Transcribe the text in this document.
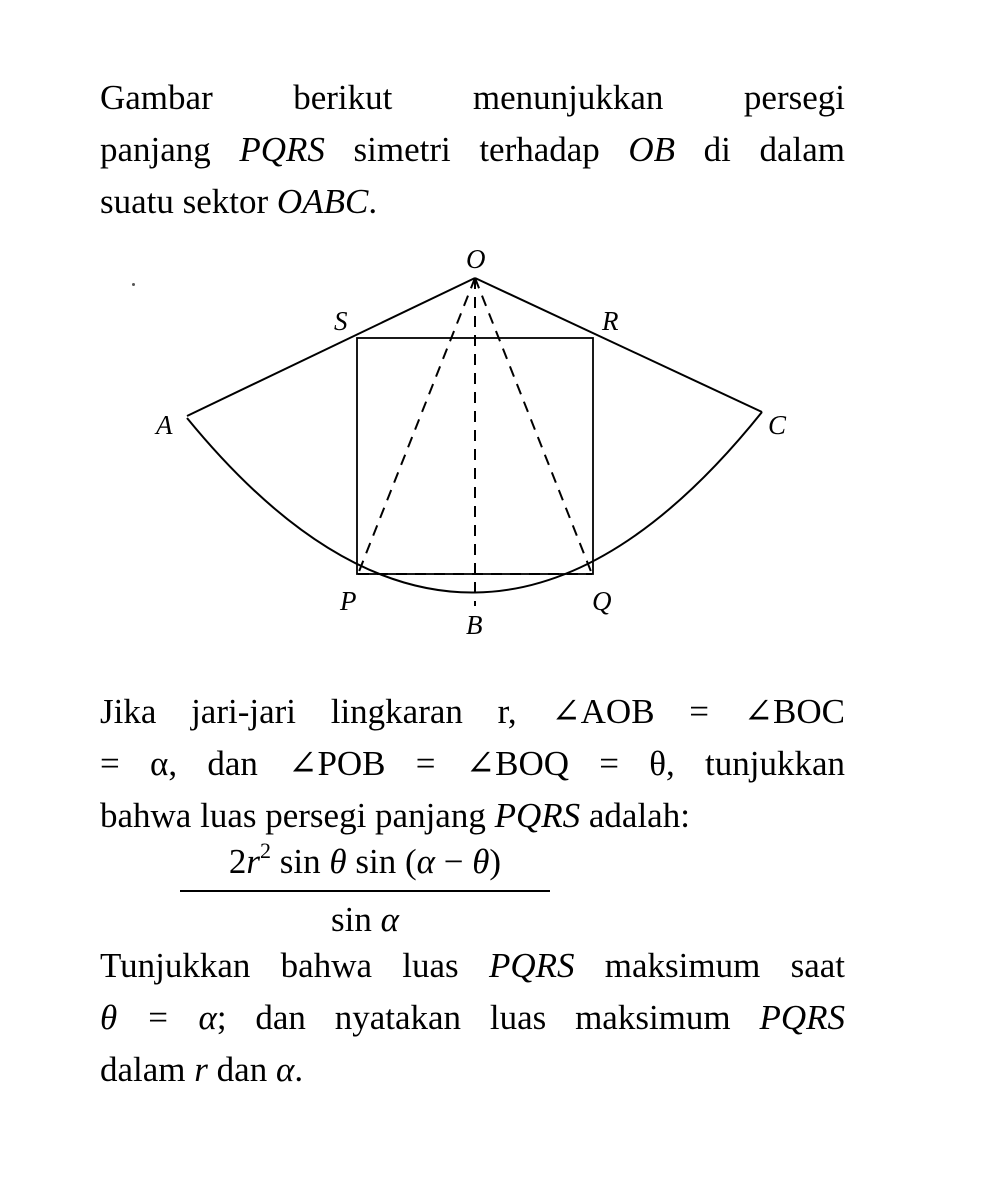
Gambar berikut menunjukkan persegi
panjang PQRS simetri terhadap OB di dalam
suatu sektor OABC.
O
S	R
A	C
P	Q
B
Jika jari-jari lingkaran r, ∠AOB = ∠BOC
= α, dan ∠POB = ∠BOQ = θ, tunjukkan
bahwa luas persegi panjang PQRS adalah:
$2r^2$ sin θ sin (α − θ)
sin α
Tunjukkan bahwa luas PQRS maksimum saat
θ = α; dan nyatakan luas maksimum PQRS
dalam r dan α.
